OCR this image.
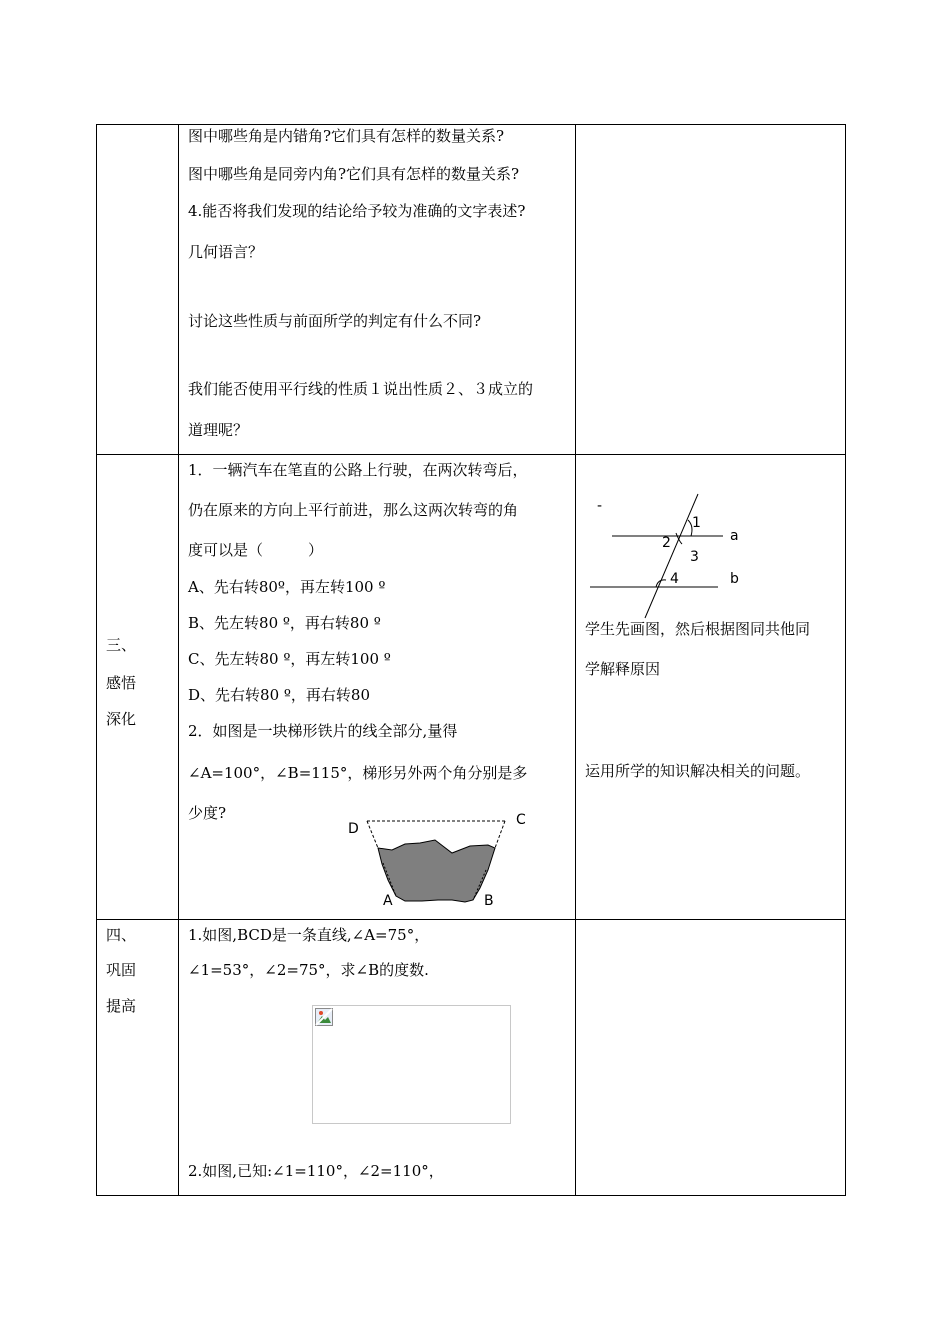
图中哪些角是内错角?它们具有怎样的数量关系?
图中哪些角是同旁内角?它们具有怎样的数量关系?
4.能否将我们发现的结论给予较为准确的文字表述?
几何语言？
讨论这些性质与前面所学的判定有什么不同?
我们能否使用平行线的性质１说出性质２、３成立的
道理呢？
三、
感悟
深化
1．一辆汽车在笔直的公路上行驶，在两次转弯后，
仍在原来的方向上平行前进，那么这两次转弯的角
度可以是（　　　）
A、先右转80º，再左转100 º
B、先左转80 º，再右转80 º
C、先左转80 º，再左转100 º
D、先右转80 º，再右转80
2．如图是一块梯形铁片的线全部分,量得
∠A=100°，∠B=115°，梯形另外两个角分别是多
少度?
D
C
A	B
-
1
2
3
4
a
b
学生先画图，然后根据图同共他同
学解释原因
运用所学的知识解决相关的问题。
四、
巩固
提高
1.如图,BCD是一条直线,∠A=75°，
∠1=53°，∠2=75°，求∠B的度数.
2.如图,已知:∠1=110°，∠2=110°，
